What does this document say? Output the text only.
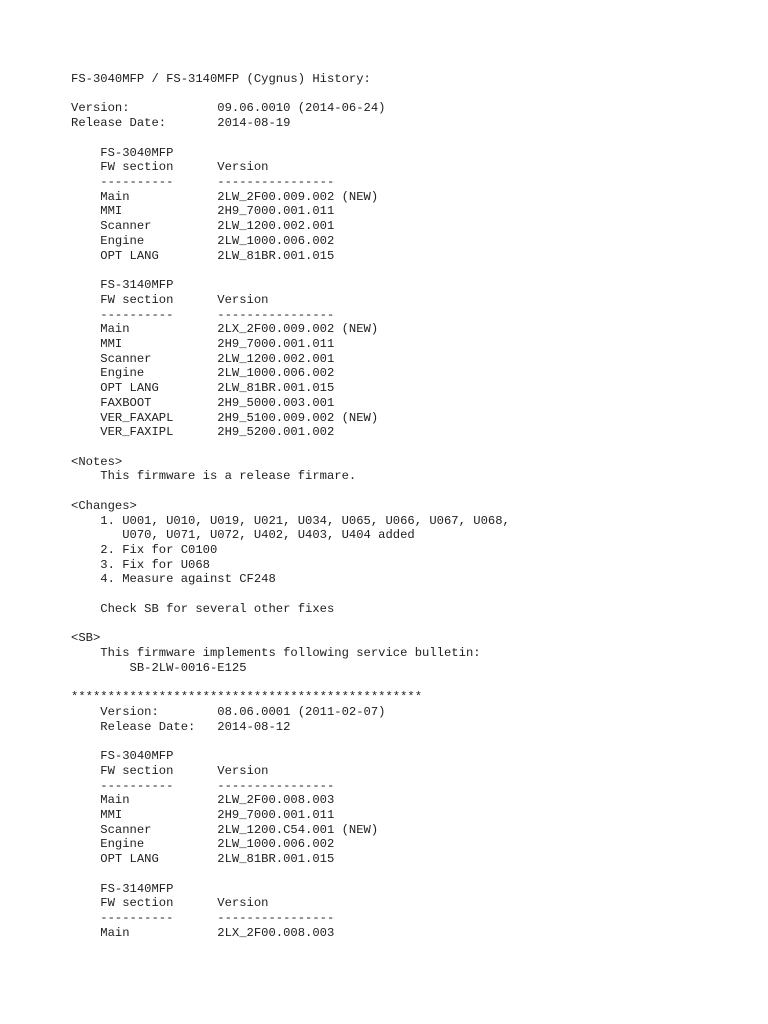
FS-3040MFP / FS-3140MFP (Cygnus) History:
Version:            09.06.0010 (2014-06-24)
Release Date:       2014-08-19
FS-3040MFP
FW section      Version
----------      ----------------
Main            2LW_2F00.009.002 (NEW)
MMI             2H9_7000.001.011
Scanner         2LW_1200.002.001
Engine          2LW_1000.006.002
OPT LANG        2LW_81BR.001.015
FS-3140MFP
FW section      Version
----------      ----------------
Main            2LX_2F00.009.002 (NEW)
MMI             2H9_7000.001.011
Scanner         2LW_1200.002.001
Engine          2LW_1000.006.002
OPT LANG        2LW_81BR.001.015
FAXBOOT         2H9_5000.003.001
VER_FAXAPL      2H9_5100.009.002 (NEW)
VER_FAXIPL      2H9_5200.001.002
<Notes>
This firmware is a release firmare.
<Changes>
1. U001, U010, U019, U021, U034, U065, U066, U067, U068,
U070, U071, U072, U402, U403, U404 added
2. Fix for C0100
3. Fix for U068
4. Measure against CF248
Check SB for several other fixes
<SB>
This firmware implements following service bulletin:
SB-2LW-0016-E125
************************************************
Version:        08.06.0001 (2011-02-07)
Release Date:   2014-08-12
FS-3040MFP
FW section      Version
----------      ----------------
Main            2LW_2F00.008.003
MMI             2H9_7000.001.011
Scanner         2LW_1200.C54.001 (NEW)
Engine          2LW_1000.006.002
OPT LANG        2LW_81BR.001.015
FS-3140MFP
FW section      Version
----------      ----------------
Main            2LX_2F00.008.003
